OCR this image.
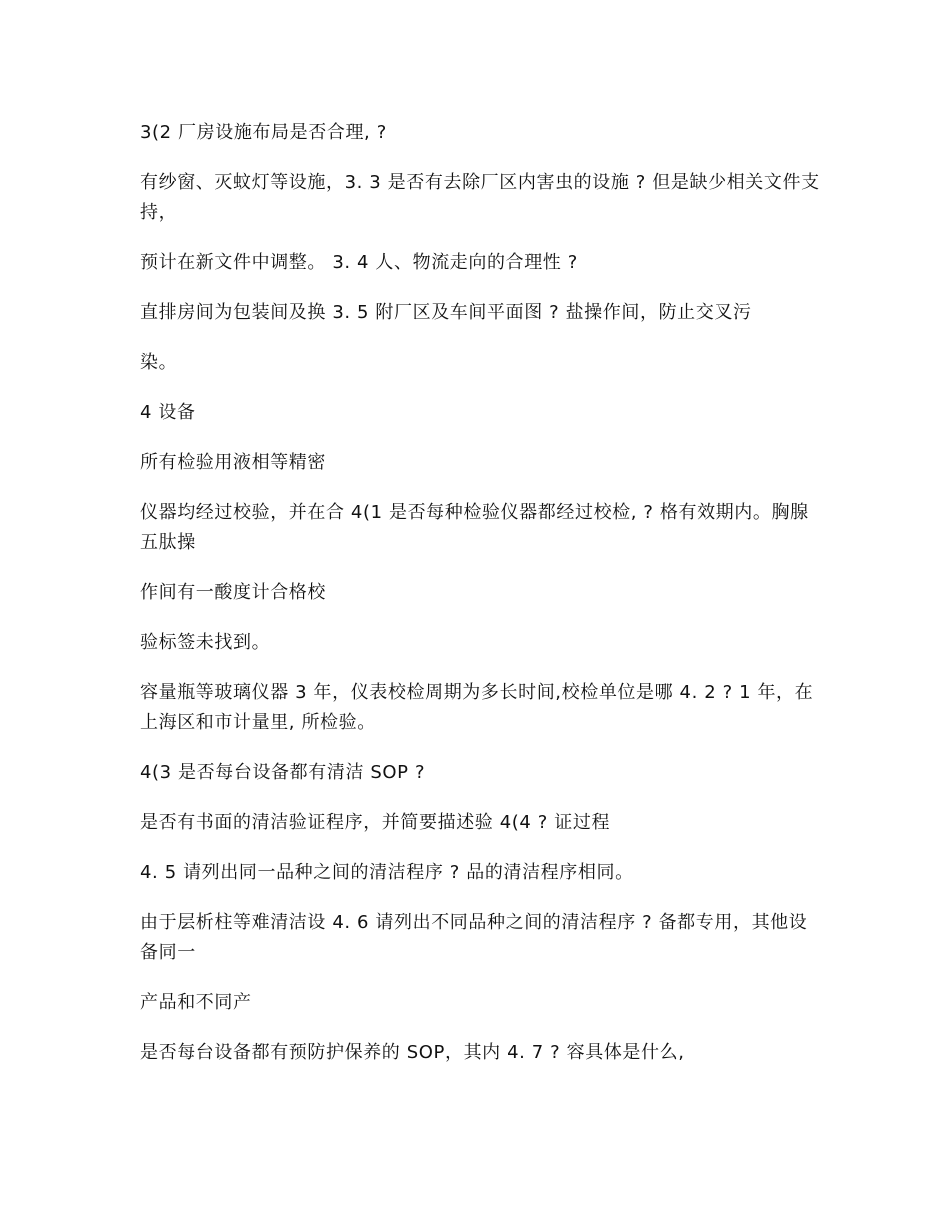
3(2 厂房设施布局是否合理, ?

有纱窗、灭蚊灯等设施，3. 3 是否有去除厂区内害虫的设施 ? 但是缺少相关文件支持，

预计在新文件中调整。 3. 4 人、物流走向的合理性 ?

直排房间为包装间及换 3. 5 附厂区及车间平面图 ? 盐操作间，防止交叉污

染。

4 设备

所有检验用液相等精密

仪器均经过校验，并在合 4(1 是否每种检验仪器都经过校检, ? 格有效期内。胸腺五肽操

作间有一酸度计合格校

验标签未找到。

容量瓶等玻璃仪器 3 年，仪表校检周期为多长时间,校检单位是哪 4. 2 ? 1 年，在上海区和市计量里, 所检验。

4(3 是否每台设备都有清洁 SOP ?

是否有书面的清洁验证程序，并简要描述验 4(4 ? 证过程

4. 5 请列出同一品种之间的清洁程序 ? 品的清洁程序相同。

由于层析柱等难清洁设 4. 6 请列出不同品种之间的清洁程序 ? 备都专用，其他设备同一

产品和不同产

是否每台设备都有预防护保养的 SOP，其内 4. 7 ? 容具体是什么,
